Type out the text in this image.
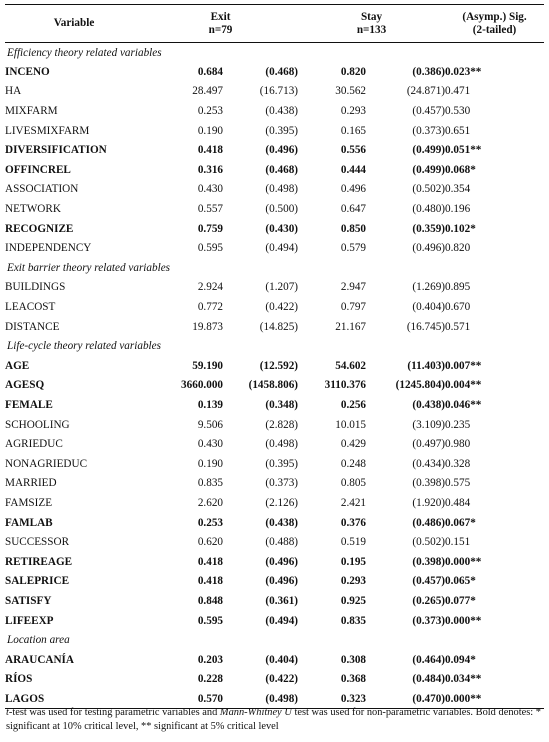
Variable	Exit
n=79		Stay
n=133		(Asymp.) Sig.
(2-tailed)
Efficiency theory related variables					
INCENO	0.684	(0.468)	0.820	(0.386)	0.023**
HA	28.497	(16.713)	30.562	(24.871)	0.471
MIXFARM	0.253	(0.438)	0.293	(0.457)	0.530
LIVESMIXFARM	0.190	(0.395)	0.165	(0.373)	0.651
DIVERSIFICATION	0.418	(0.496)	0.556	(0.499)	0.051**
OFFINCREL	0.316	(0.468)	0.444	(0.499)	0.068*
ASSOCIATION	0.430	(0.498)	0.496	(0.502)	0.354
NETWORK	0.557	(0.500)	0.647	(0.480)	0.196
RECOGNIZE	0.759	(0.430)	0.850	(0.359)	0.102*
INDEPENDENCY	0.595	(0.494)	0.579	(0.496)	0.820
Exit barrier theory related variables					
BUILDINGS	2.924	(1.207)	2.947	(1.269)	0.895
LEACOST	0.772	(0.422)	0.797	(0.404)	0.670
DISTANCE	19.873	(14.825)	21.167	(16.745)	0.571
Life-cycle theory related variables					
AGE	59.190	(12.592)	54.602	(11.403)	0.007**
AGESQ	3660.000	(1458.806)	3110.376	(1245.804)	0.004**
FEMALE	0.139	(0.348)	0.256	(0.438)	0.046**
SCHOOLING	9.506	(2.828)	10.015	(3.109)	0.235
AGRIEDUC	0.430	(0.498)	0.429	(0.497)	0.980
NONAGRIEDUC	0.190	(0.395)	0.248	(0.434)	0.328
MARRIED	0.835	(0.373)	0.805	(0.398)	0.575
FAMSIZE	2.620	(2.126)	2.421	(1.920)	0.484
FAMLAB	0.253	(0.438)	0.376	(0.486)	0.067*
SUCCESSOR	0.620	(0.488)	0.519	(0.502)	0.151
RETIREAGE	0.418	(0.496)	0.195	(0.398)	0.000**
SALEPRICE	0.418	(0.496)	0.293	(0.457)	0.065*
SATISFY	0.848	(0.361)	0.925	(0.265)	0.077*
LIFEEXP	0.595	(0.494)	0.835	(0.373)	0.000**
Location area					
ARAUCANÍA	0.203	(0.404)	0.308	(0.464)	0.094*
RÍOS	0.228	(0.422)	0.368	(0.484)	0.034**
LAGOS	0.570	(0.498)	0.323	(0.470)	0.000**
t-test was used for testing parametric variables and Mann-Whitney U test was used for non-parametric variables. Bold denotes: * significant at 10% critical level, ** significant at 5% critical level
